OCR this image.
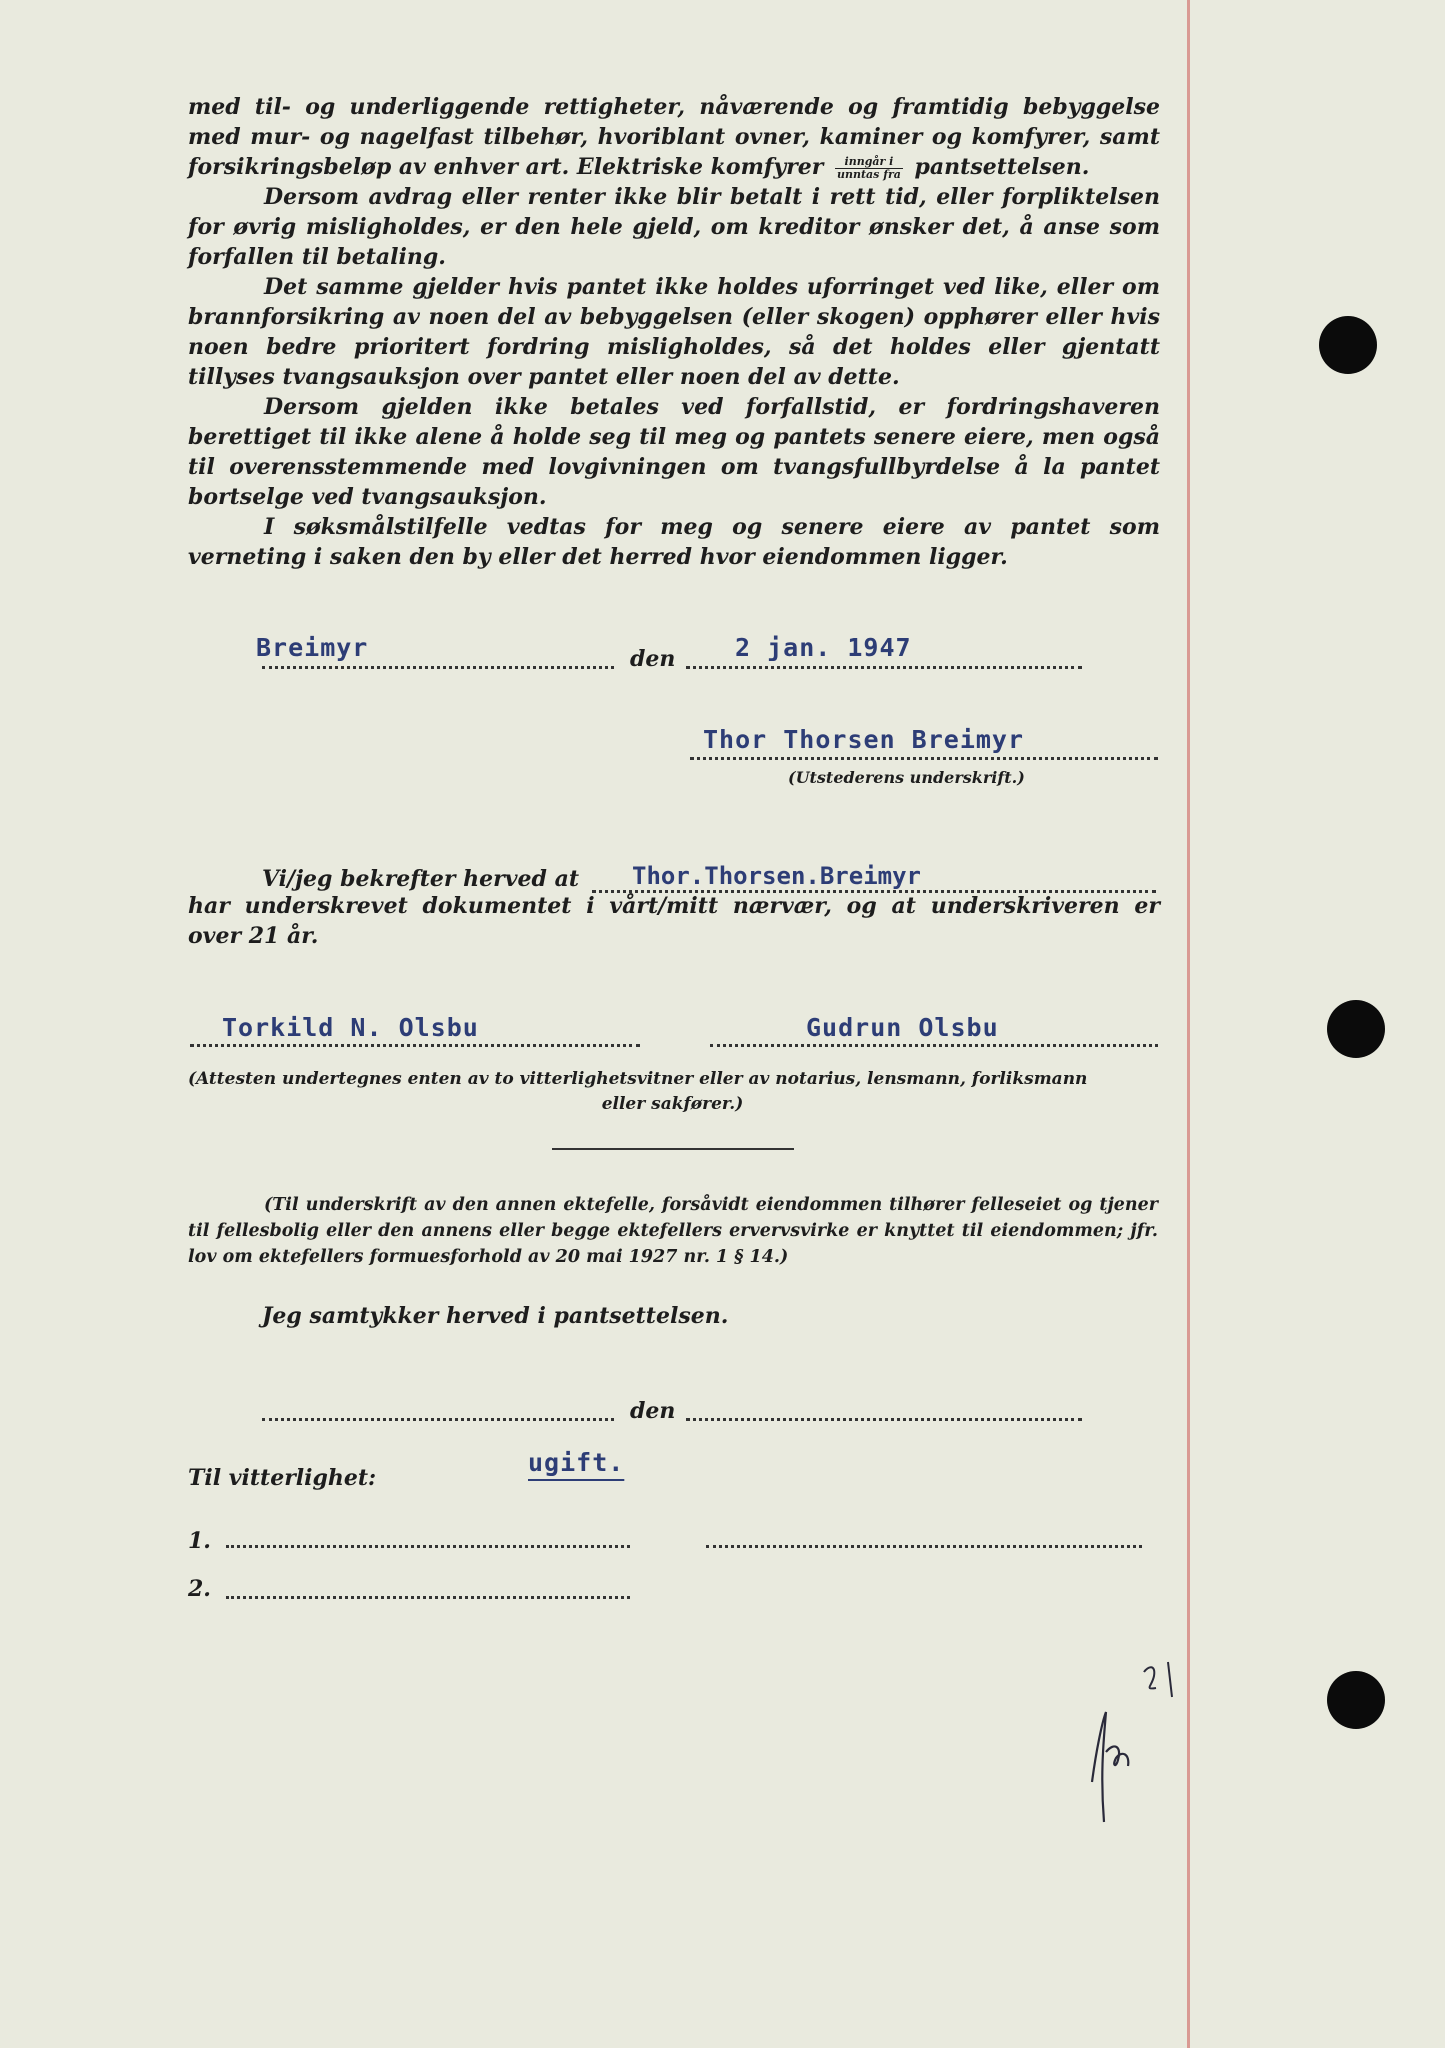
med til- og underliggende rettigheter, nåværende og framtidig bebyggelse med mur- og nagelfast tilbehør, hvoriblant ovner, kaminer og komfyrer, samt forsikringsbeløp av enhver art. Elektriske komfyrer $\frac{\text{inngår i}}{\text{unntas fra}}$ pantsettelsen.

Dersom avdrag eller renter ikke blir betalt i rett tid, eller forpliktelsen for øvrig misligholdes, er den hele gjeld, om kreditor ønsker det, å anse som forfallen til betaling.

Det samme gjelder hvis pantet ikke holdes uforringet ved like, eller om brannforsikring av noen del av bebyggelsen (eller skogen) opphører eller hvis noen bedre prioritert fordring misligholdes, så det holdes eller gjentatt tillyses tvangsauksjon over pantet eller noen del av dette.

Dersom gjelden ikke betales ved forfallstid, er fordringshaveren berettiget til ikke alene å holde seg til meg og pantets senere eiere, men også til overensstemmende med lovgivningen om tvangsfullbyrdelse å la pantet bortselge ved tvangsauksjon.

I søksmålstilfelle vedtas for meg og senere eiere av pantet som verneting i saken den by eller det herred hvor eiendommen ligger.

Breimyr	den 2 jan. 1947
Thor Thorsen Breimyr
(Utstederens underskrift.)
Vi/jeg bekrefter herved at Thor.Thorsen.Breimyr
har underskrevet dokumentet i vårt/mitt nærvær, og at underskriveren er
over 21 år.
Torkild N. Olsbu	Gudrun Olsbu
(Attesten undertegnes enten av to vitterlighetsvitner eller av notarius, lensmann, forliksmann
eller sakfører.)
(Til underskrift av den annen ektefelle, forsåvidt eiendommen tilhører felleseiet og tjener til fellesbolig eller den annens eller begge ektefellers ervervsvirke er knyttet til eiendommen; jfr. lov om ektefellers formuesforhold av 20 mai 1927 nr. 1 § 14.)
Jeg samtykker herved i pantsettelsen.
den
Til vitterlighet:
ugift.
1.
2.
